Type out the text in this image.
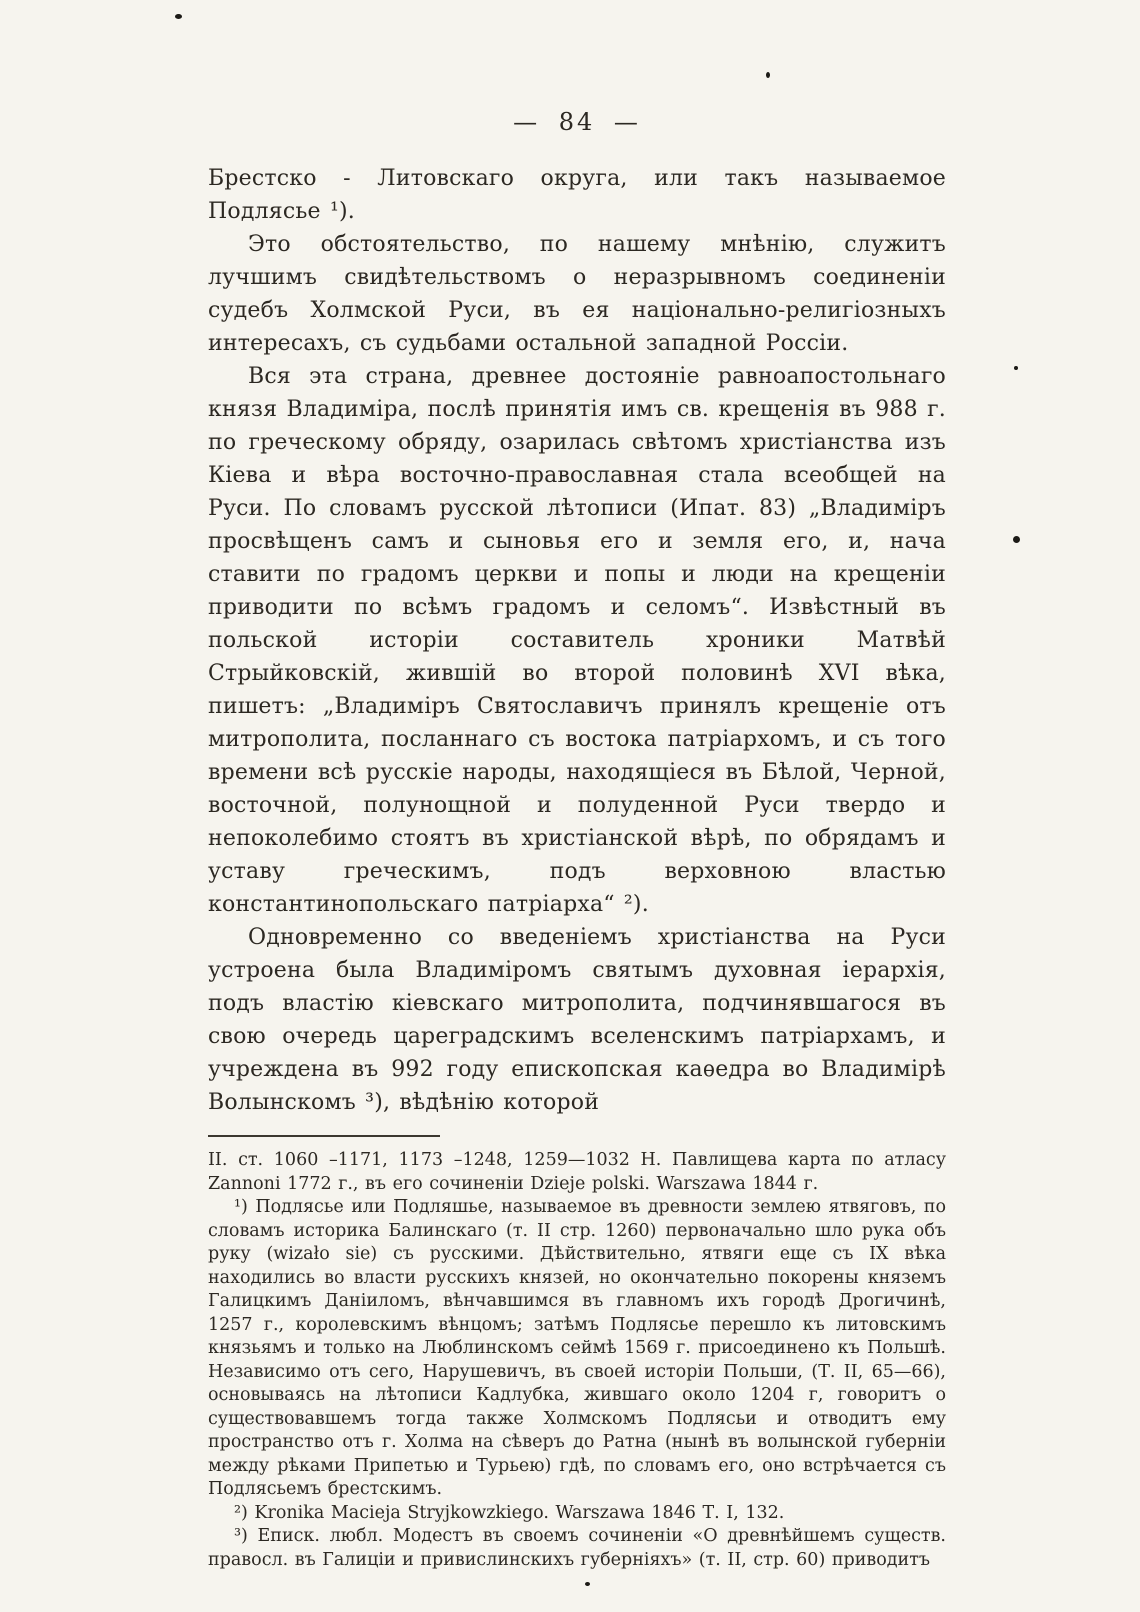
— 84 —

Брестско - Литовскаго округа, или такъ называемое Подлясье ¹).

Это обстоятельство, по нашему мнѣнію, служитъ лучшимъ свидѣтельствомъ о неразрывномъ соединеніи судебъ Холмской Руси, въ ея національно-религіозныхъ интересахъ, съ судьбами остальной западной Россіи.

Вся эта страна, древнее достояніе равноапостольнаго князя Владиміра, послѣ принятія имъ св. крещенія въ 988 г. по греческому обряду, озарилась свѣтомъ христіанства изъ Кіева и вѣра восточно-православная стала всеобщей на Руси. По словамъ русской лѣтописи (Ипат. 83) „Владиміръ просвѣщенъ самъ и сыновья его и земля его, и, нача ставити по градомъ церкви и попы и люди на крещеніи приводити по всѣмъ градомъ и селомъ“. Извѣстный въ польской исторіи составитель хроники Матвѣй Стрыйковскій, жившій во второй половинѣ XVI вѣка, пишетъ: „Владиміръ Святославичъ принялъ крещеніе отъ митрополита, посланнаго съ востока патріархомъ, и съ того времени всѣ русскіе народы, находящіеся въ Бѣлой, Черной, восточной, полунощной и полуденной Руси твердо и непоколебимо стоятъ въ христіанской вѣрѣ, по обрядамъ и уставу греческимъ, подъ верховною властью константинопольскаго патріарха“ ²).

Одновременно со введеніемъ христіанства на Руси устроена была Владиміромъ святымъ духовная іерархія, подъ властію кіевскаго митрополита, подчинявшагося въ свою очередь цареградскимъ вселенскимъ патріархамъ, и учреждена въ 992 году епископская каѳедра во Владимірѣ Волынскомъ ³), вѣдѣнію которой

II. ст. 1060 –1171, 1173 –1248, 1259—1032 Н. Павлищева карта по атласу Zannoni 1772 г., въ его сочиненіи Dzieje polski. Warszawa 1844 г.

¹) Подлясье или Подляшье, называемое въ древности землею ятвяговъ, по словамъ историка Балинскаго (т. II стр. 1260) первоначально шло рука объ руку (wizało sie) съ русскими. Дѣйствительно, ятвяги еще съ IX вѣка находились во власти русскихъ князей, но окончательно покорены княземъ Галицкимъ Даніиломъ, вѣнчавшимся въ главномъ ихъ городѣ Дрогичинѣ, 1257 г., королевскимъ вѣнцомъ; затѣмъ Подлясье перешло къ литовскимъ князьямъ и только на Люблинскомъ сеймѣ 1569 г. присоединено къ Польшѣ. Независимо отъ сего, Нарушевичъ, въ своей исторіи Польши, (Т. II, 65—66), основываясь на лѣтописи Кадлубка, жившаго около 1204 г, говоритъ о существовавшемъ тогда также Холмскомъ Подлясьи и отводитъ ему пространство отъ г. Холма на сѣверъ до Ратна (нынѣ въ волынской губерніи между рѣками Припетью и Турьею) гдѣ, по словамъ его, оно встрѣчается съ Подлясьемъ брестскимъ.

²) Kronika Macieja Stryjkowzkiego. Warszawa 1846 Т. I, 132.

³) Еписк. любл. Модестъ въ своемъ сочиненіи «О древнѣйшемъ существ. правосл. въ Галиціи и привислинскихъ губерніяхъ» (т. II, стр. 60) приводитъ
